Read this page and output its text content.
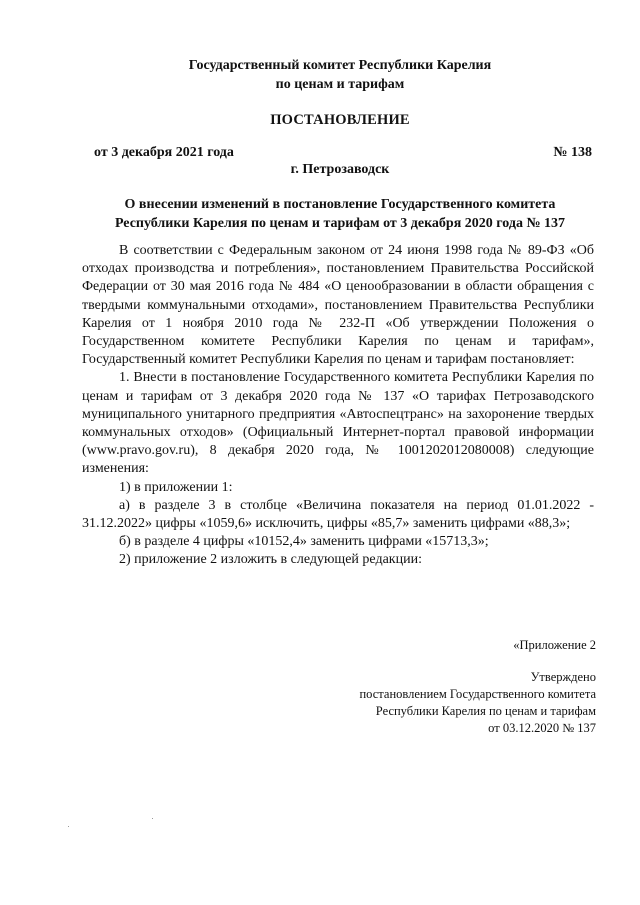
Государственный комитет Республики Карелия
по ценам и тарифам
ПОСТАНОВЛЕНИЕ
от 3 декабря 2021 года	№ 138
г. Петрозаводск
О внесении изменений в постановление Государственного комитета
Республики Карелия по ценам и тарифам от 3 декабря 2020 года № 137

В соответствии с Федеральным законом от 24 июня 1998 года № 89-ФЗ «Об отходах производства и потребления», постановлением Правительства Российской Федерации от 30 мая 2016 года № 484 «О ценообразовании в области обращения с твердыми коммунальными отходами», постановлением Правительства Республики Карелия от 1 ноября 2010 года № 232-П «Об утверждении Положения о Государственном комитете Республики Карелия по ценам и тарифам», Государственный комитет Республики Карелия по ценам и тарифам постановляет:

1. Внести в постановление Государственного комитета Республики Карелия по ценам и тарифам от 3 декабря 2020 года № 137 «О тарифах Петрозаводского муниципального унитарного предприятия «Автоспецтранс» на захоронение твердых коммунальных отходов» (Официальный Интернет-портал правовой информации (www.pravo.gov.ru), 8 декабря 2020 года, № 1001202012080008) следующие изменения:

1) в приложении 1:

а) в разделе 3 в столбце «Величина показателя на период 01.01.2022 - 31.12.2022» цифры «1059,6» исключить, цифры «85,7» заменить цифрами «88,3»;

б) в разделе 4 цифры «10152,4» заменить цифрами «15713,3»;

2) приложение 2 изложить в следующей редакции:

«Приложение 2
Утверждено
постановлением Государственного комитета
Республики Карелия по ценам и тарифам
от 03.12.2020 № 137
